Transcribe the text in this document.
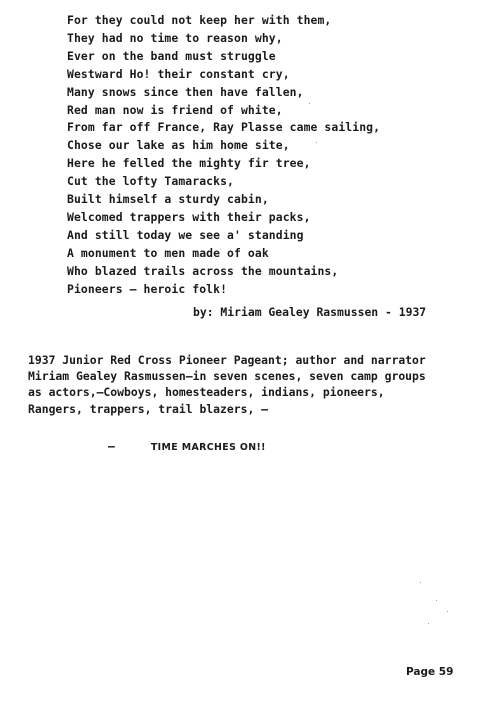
For they could not keep her with them,
They had no time to reason why,
Ever on the band must struggle
Westward Ho! their constant cry,
Many snows since then have fallen,
Red man now is friend of white,
From far off France, Ray Plasse came sailing,
Chose our lake as him home site,
Here he felled the mighty fir tree,
Cut the lofty Tamaracks,
Built himself a sturdy cabin,
Welcomed trappers with their packs,
And still today we see a' standing
A monument to men made of oak
Who blazed trails across the mountains,
Pioneers — heroic folk!
by: Miriam Gealey Rasmussen - 1937
1937 Junior Red Cross Pioneer Pageant; author and narrator
Miriam Gealey Rasmussen—in seven scenes, seven camp groups
as actors,—Cowboys, homesteaders, indians, pioneers,
Rangers, trappers, trail blazers, —
—	TIME MARCHES ON!!
Page 59
